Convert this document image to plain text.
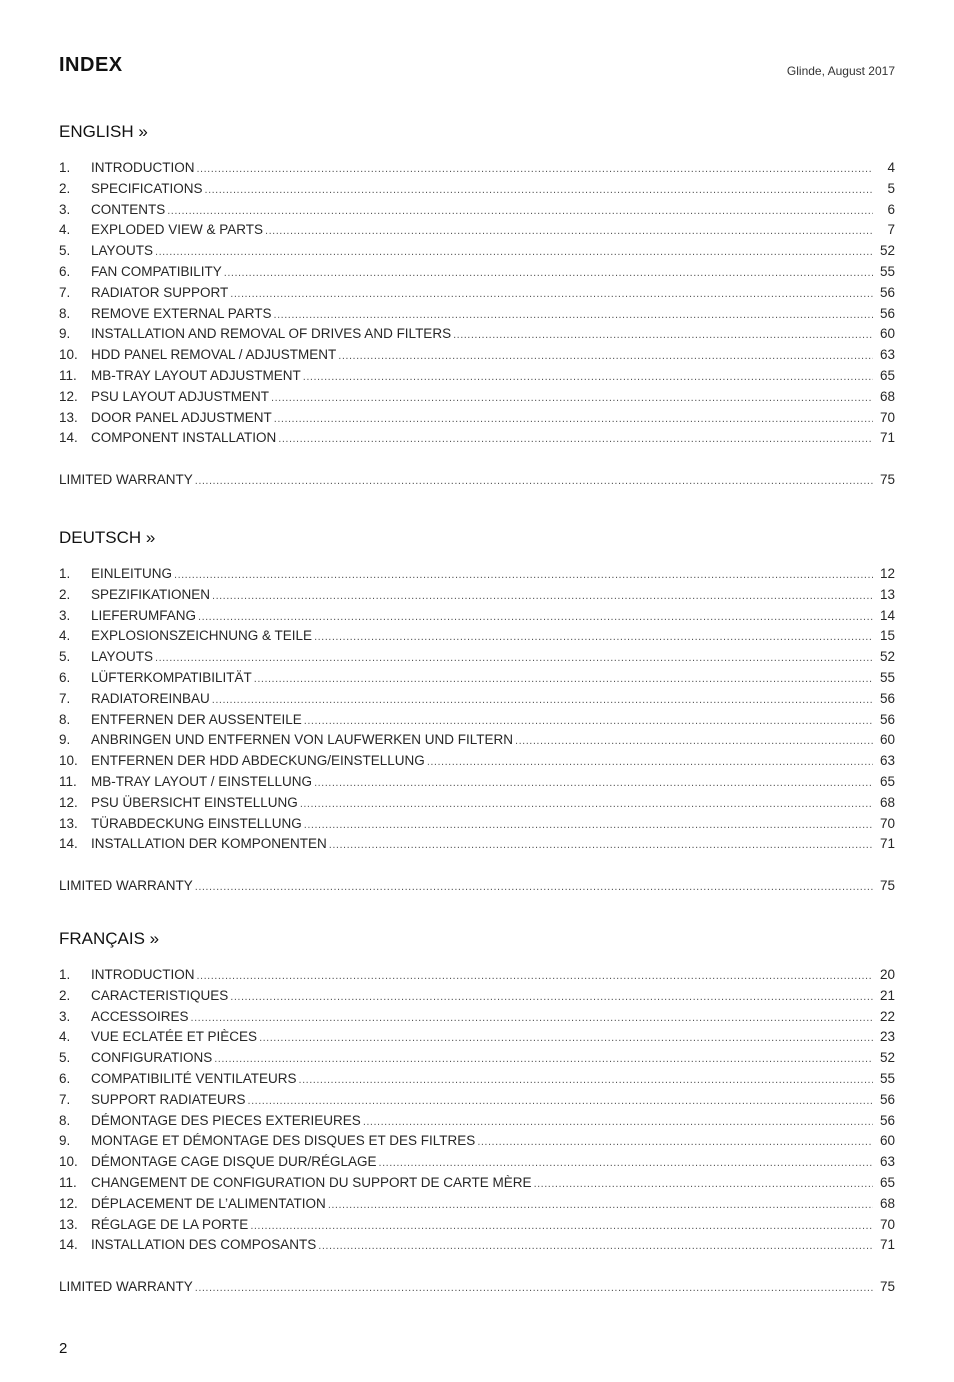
INDEX	Glinde, August 2017
ENGLISH »
1.	INTRODUCTION .....	4
2.	SPECIFICATIONS .....	5
3.	CONTENTS .....	6
4.	EXPLODED VIEW & PARTS .....	7
5.	LAYOUTS .....	52
6.	FAN COMPATIBILITY .....	55
7.	RADIATOR SUPPORT .....	56
8.	REMOVE EXTERNAL PARTS .....	56
9.	INSTALLATION AND REMOVAL OF DRIVES AND FILTERS .....	60
10. HDD PANEL REMOVAL / ADJUSTMENT .....	63
11.	MB-TRAY LAYOUT ADJUSTMENT .....	65
12. PSU LAYOUT ADJUSTMENT .....	68
13. DOOR PANEL ADJUSTMENT .....	70
14. COMPONENT INSTALLATION .....	71
LIMITED WARRANTY .....	75
DEUTSCH »
1.	EINLEITUNG .....	12
2.	SPEZIFIKATIONEN .....	13
3.	LIEFERUMFANG .....	14
4.	EXPLOSIONSZEICHNUNG & TEILE .....	15
5.	LAYOUTS .....	52
6.	LÜFTERKOMPATIBILITÄT .....	55
7.	RADIATOREINBAU .....	56
8.	ENTFERNEN DER AUSSENTEILE .....	56
9.	ANBRINGEN UND ENTFERNEN VON LAUFWERKEN UND FILTERN .....	60
10. ENTFERNEN DER HDD ABDECKUNG/EINSTELLUNG .....	63
11.	MB-TRAY LAYOUT / EINSTELLUNG .....	65
12. PSU ÜBERSICHT EINSTELLUNG .....	68
13. TÜRABDECKUNG EINSTELLUNG .....	70
14. INSTALLATION DER KOMPONENTEN .....	71
LIMITED WARRANTY .....	75
FRANÇAIS »
1.	INTRODUCTION .....	20
2.	CARACTERISTIQUES .....	21
3.	ACCESSOIRES .....	22
4.	VUE ECLATÉE ET PIÈCES .....	23
5.	CONFIGURATIONS .....	52
6.	COMPATIBILITÉ VENTILATEURS .....	55
7.	SUPPORT RADIATEURS .....	56
8.	DÉMONTAGE DES PIECES EXTERIEURES .....	56
9.	MONTAGE ET DÉMONTAGE DES DISQUES ET DES FILTRES .....	60
10. DÉMONTAGE CAGE DISQUE DUR/RÉGLAGE .....	63
11.	CHANGEMENT DE CONFIGURATION DU SUPPORT DE CARTE MÈRE .....	65
12. DÉPLACEMENT DE L’ALIMENTATION .....	68
13. RÉGLAGE DE LA PORTE .....	70
14. INSTALLATION DES COMPOSANTS .....	71
LIMITED WARRANTY .....	75
2
